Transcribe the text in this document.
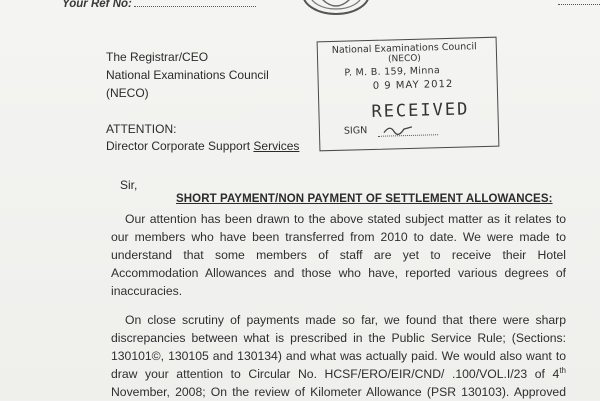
Your Ref No:
The Registrar/CEO
National Examinations Council
(NECO)
ATTENTION:
Director Corporate Support Services
National Examinations Council
(NECO)
P. M. B. 159, Minna
0 9 MAY 2012
RECEIVED
SIGN
Sir,
SHORT PAYMENT/NON PAYMENT OF SETTLEMENT ALLOWANCES:
Our attention has been drawn to the above stated subject matter as it relates to
our members who have been transferred from 2010 to date. We were made to
understand that some members of staff are yet to receive their Hotel
Accommodation Allowances and those who have, reported various degrees of
inaccuracies.
On close scrutiny of payments made so far, we found that there were sharp
discrepancies between what is prescribed in the Public Service Rule; (Sections:
130101©, 130105 and 130134) and what was actually paid. We would also want to
draw your attention to Circular No. HCSF/ERO/EIR/CND/ .100/VOL.I/23 of 4th
November, 2008; On the review of Kilometer Allowance (PSR 130103). Approved
